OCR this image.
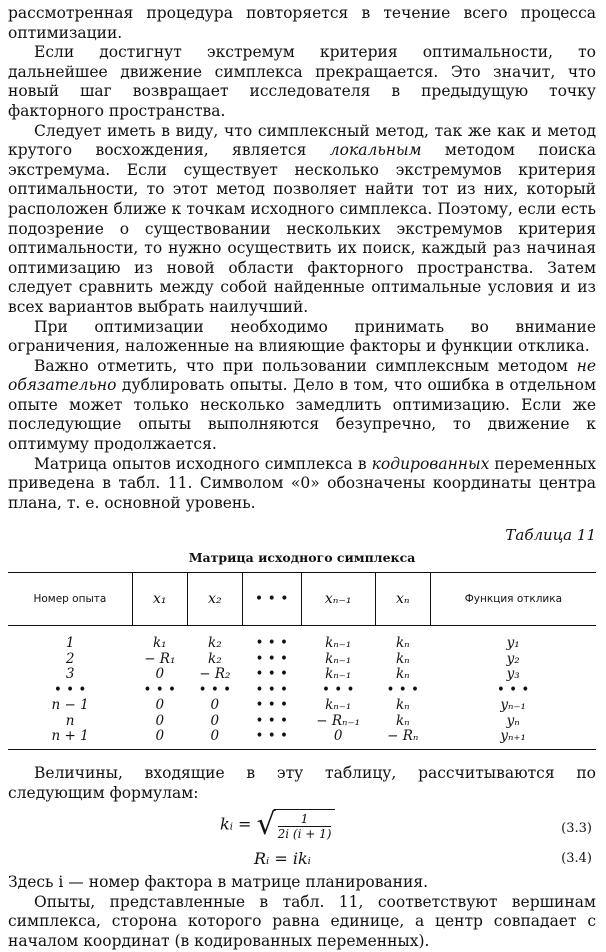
рассмотренная процедура повторяется в течение всего процесса оптимизации.

Если достигнут экстремум критерия оптимальности, то дальнейшее движение симплекса прекращается. Это значит, что новый шаг возвращает исследователя в предыдущую точку факторного пространства.

Следует иметь в виду, что симплексный метод, так же как и метод крутого восхождения, является локальным методом поиска экстремума. Если существует несколько экстремумов критерия оптимальности, то этот метод позволяет найти тот из них, который расположен ближе к точкам исходного симплекса. Поэтому, если есть подозрение о существовании нескольких экстремумов критерия оптимальности, то нужно осуществить их поиск, каждый раз начиная оптимизацию из новой области факторного пространства. Затем следует сравнить между собой найденные оптимальные условия и из всех вариантов выбрать наилучший.

При оптимизации необходимо принимать во внимание ограничения, наложенные на влияющие факторы и функции отклика.

Важно отметить, что при пользовании симплексным методом не обязательно дублировать опыты. Дело в том, что ошибка в отдельном опыте может только несколько замедлить оптимизацию. Если же последующие опыты выполняются безупречно, то движение к оптимуму продолжается.

Матрица опытов исходного симплекса в кодированных переменных приведена в табл. 11. Символом «0» обозначены координаты центра плана, т. е. основной уровень.

Таблица 11
Матрица исходного симплекса
Номер опыта	x₁	x₂	• • •	xₙ₋₁	xₙ	Функция отклика
1	k₁	k₂	• • •	kₙ₋₁	kₙ	y₁
2	− R₁	k₂	• • •	kₙ₋₁	kₙ	y₂
3	0	− R₂	• • •	kₙ₋₁	kₙ	y₃
• • •	• • •	• • •	• • •	• • •	• • •	• • •
n − 1	0	0	• • •	kₙ₋₁	kₙ	yₙ₋₁
n	0	0	• • •	− Rₙ₋₁	kₙ	yₙ
n + 1	0	0	• • •	0	− Rₙ	yₙ₊₁

Величины, входящие в эту таблицу, рассчитываются по следующим формулам:

kᵢ = √
$\frac{1}{2i (i + 1)}$	(3.3)
Rᵢ = ikᵢ	(3.4)

Здесь i — номер фактора в матрице планирования.

Опыты, представленные в табл. 11, соответствуют вершинам симплекса, сторона которого равна единице, а центр совпадает с началом координат (в кодированных переменных).
